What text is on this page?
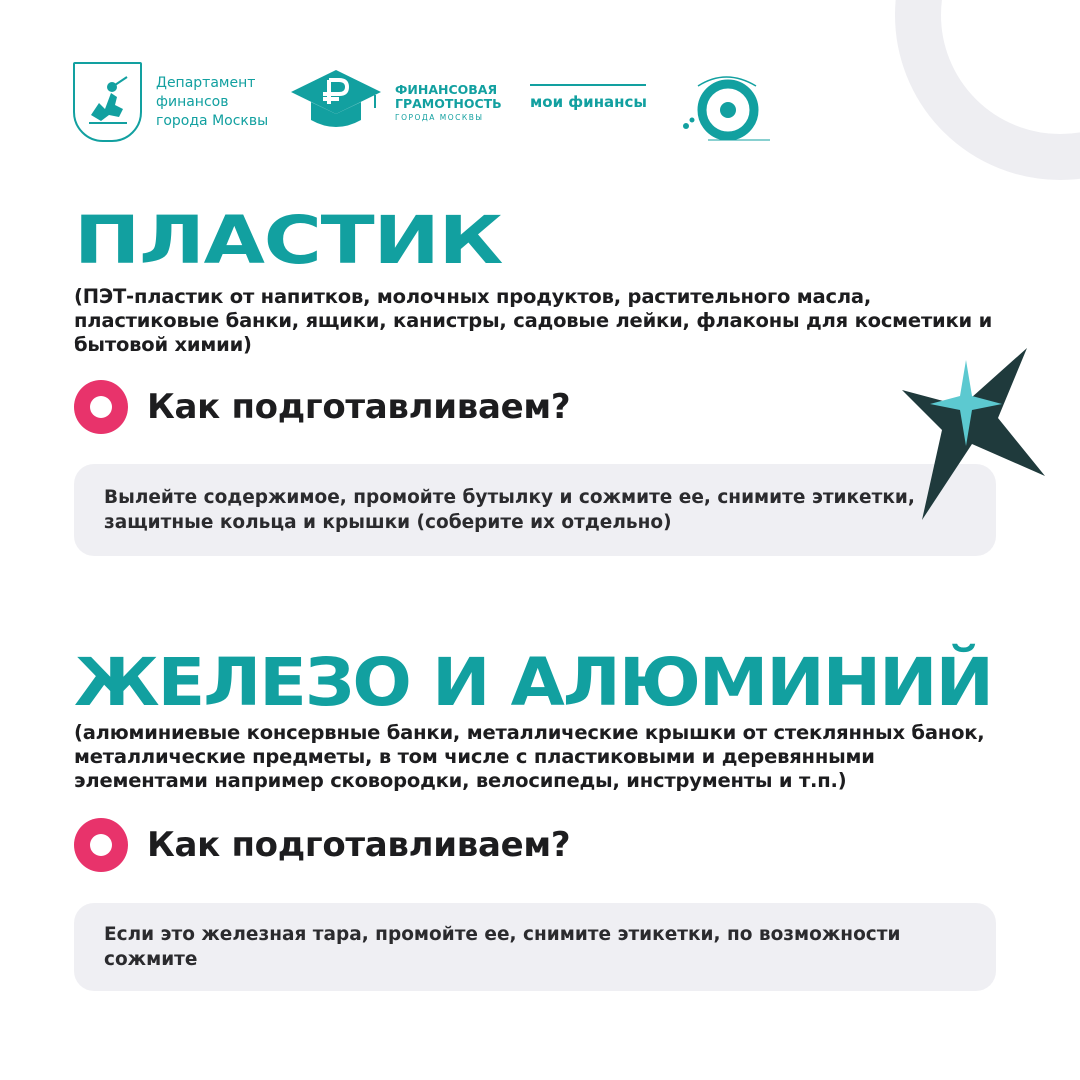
Департамент
финансов
города Москвы
ФИНАНСОВАЯ
ГРАМОТНОСТЬ
ГОРОДА МОСКВЫ
мои финансы
ПЛАСТИК

(ПЭТ-пластик от напитков, молочных продуктов, растительного масла, пластиковые банки, ящики, канистры, садовые лейки, флаконы для косметики и бытовой химии)

Как подготавливаем?
Вылейте содержимое, промойте бутылку и сожмите ее, снимите этикетки, защитные кольца и крышки (соберите их отдельно)
ЖЕЛЕЗО И АЛЮМИНИЙ

(алюминиевые консервные банки, металлические крышки от стеклянных банок, металлические предметы, в том числе с пластиковыми и деревянными элементами например сковородки, велосипеды, инструменты и т.п.)

Как подготавливаем?
Если это железная тара, промойте ее, снимите этикетки, по возможности сожмите
